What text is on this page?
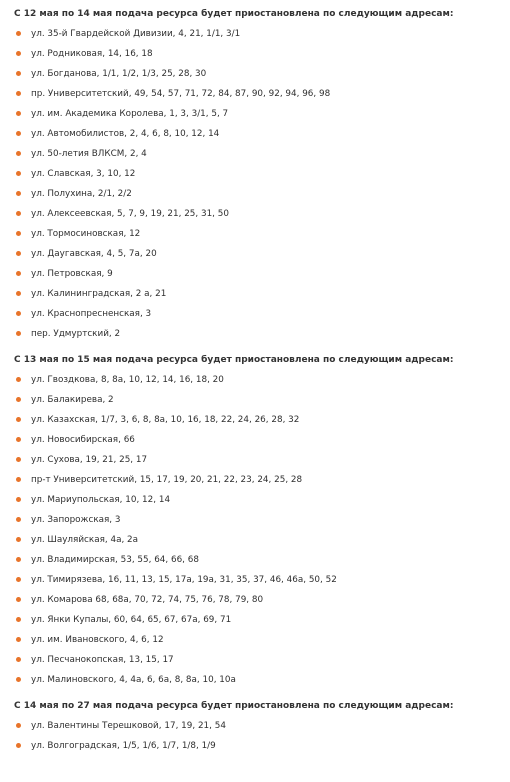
С 12 мая по 14 мая подача ресурса будет приостановлена по следующим адресам:

ул. 35-й Гвардейской Дивизии, 4, 21, 1/1, 3/1
ул. Родниковая, 14, 16, 18
ул. Богданова, 1/1, 1/2, 1/3, 25, 28, 30
пр. Университетский, 49, 54, 57, 71, 72, 84, 87, 90, 92, 94, 96, 98
ул. им. Академика Королева, 1, 3, 3/1, 5, 7
ул. Автомобилистов, 2, 4, 6, 8, 10, 12, 14
ул. 50-летия ВЛКСМ, 2, 4
ул. Славская, 3, 10, 12
ул. Полухина, 2/1, 2/2
ул. Алексеевская, 5, 7, 9, 19, 21, 25, 31, 50
ул. Тормосиновская, 12
ул. Даугавская, 4, 5, 7а, 20
ул. Петровская, 9
ул. Калининградская, 2 а, 21
ул. Краснопресненская, 3
пер. Удмуртский, 2

С 13 мая по 15 мая подача ресурса будет приостановлена по следующим адресам:

ул. Гвоздкова, 8, 8а, 10, 12, 14, 16, 18, 20
ул. Балакирева, 2
ул. Казахская, 1/7, 3, 6, 8, 8а, 10, 16, 18, 22, 24, 26, 28, 32
ул. Новосибирская, 66
ул. Сухова, 19, 21, 25, 17
пр-т Университетский, 15, 17, 19, 20, 21, 22, 23, 24, 25, 28
ул. Мариупольская, 10, 12, 14
ул. Запорожская, 3
ул. Шауляйская, 4а, 2а
ул. Владимирская, 53, 55, 64, 66, 68
ул. Тимирязева, 16, 11, 13, 15, 17а, 19а, 31, 35, 37, 46, 46а, 50, 52
ул. Комарова 68, 68а, 70, 72, 74, 75, 76, 78, 79, 80
ул. Янки Купалы, 60, 64, 65, 67, 67а, 69, 71
ул. им. Ивановского, 4, 6, 12
ул. Песчанокопская, 13, 15, 17
ул. Малиновского, 4, 4а, 6, 6а, 8, 8а, 10, 10а

С 14 мая по 27 мая подача ресурса будет приостановлена по следующим адресам:

ул. Валентины Терешковой, 17, 19, 21, 54
ул. Волгоградская, 1/5, 1/6, 1/7, 1/8, 1/9
